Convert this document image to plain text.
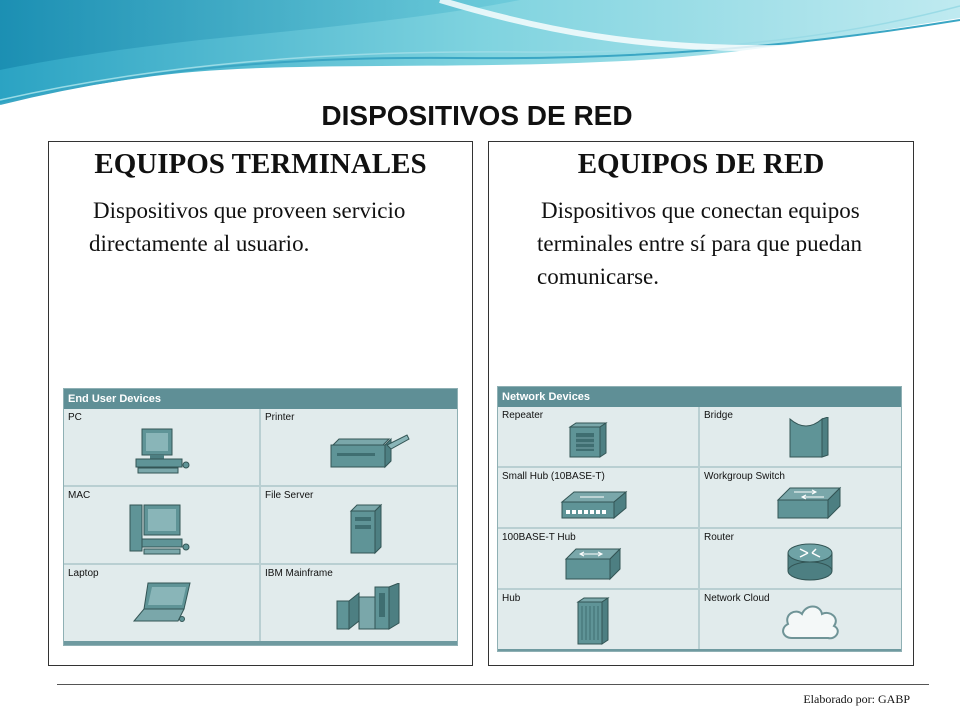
DISPOSITIVOS DE RED
EQUIPOS TERMINALES
Dispositivos que proveen servicio directamente al usuario.
End User Devices
PC	Printer
MAC	File Server
Laptop	IBM Mainframe
EQUIPOS DE RED
Dispositivos que conectan equipos terminales entre sí para que puedan comunicarse.
Network Devices
Repeater	Bridge
Small Hub (10BASE-T)	Workgroup Switch
100BASE-T Hub	Router
Hub	Network Cloud
Elaborado por: GABP
